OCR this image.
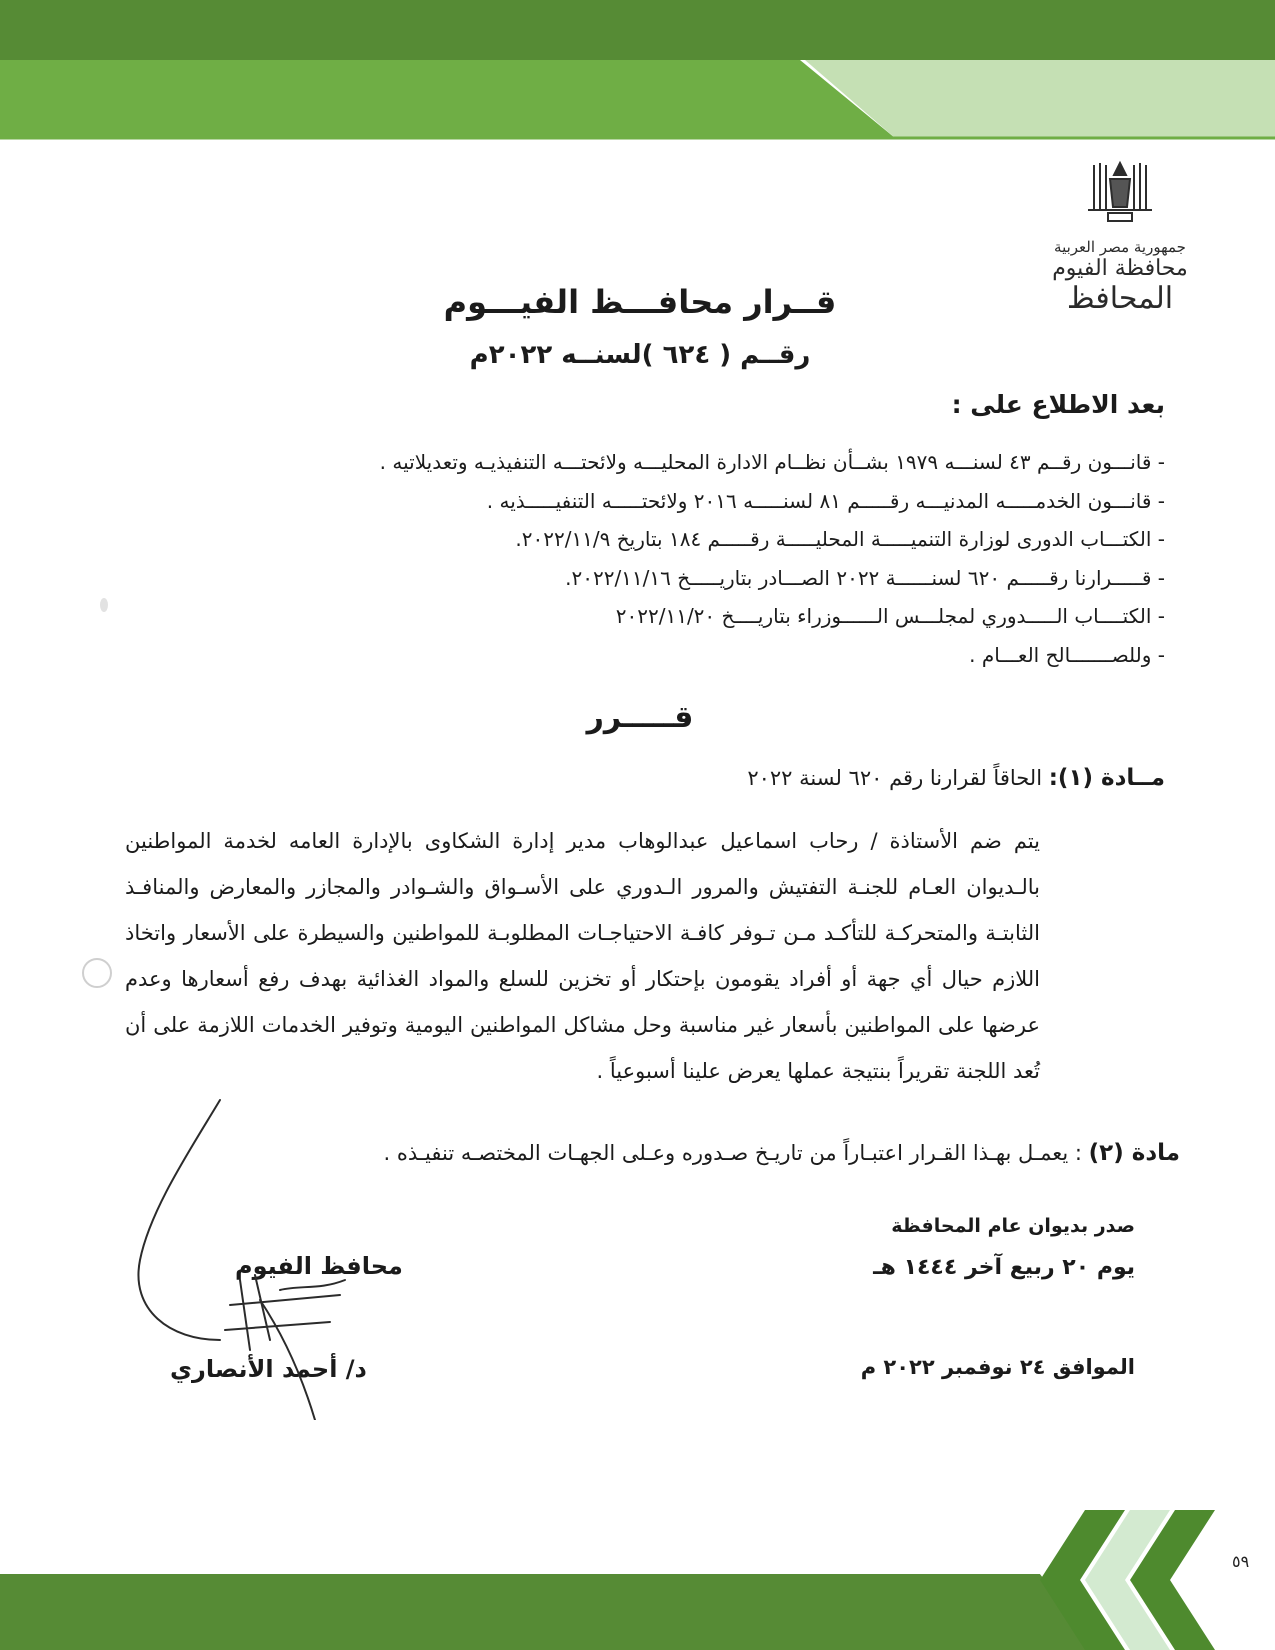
جمهورية مصر العربية
محافظة الفيوم
المحافظ
قــرار محافـــظ الفيـــوم
رقــم ( ٦٢٤ )لسنــه ٢٠٢٢م
بعد الاطلاع على :
- قانـــون رقــم ٤٣ لسنـــه ١٩٧٩ بشــأن نظــام الادارة المحليـــه ولائحتـــه التنفيذيـه وتعديلاتيه .
- قانـــون الخدمـــــه المدنيـــه رقـــــم ٨١ لسنـــــه ٢٠١٦ ولائحتـــــه التنفيـــــذيه .
- الكتـــاب الدورى لوزارة التنميـــــة المحليـــــة رقـــــم ١٨٤ بتاريخ ٢٠٢٢/١١/٩.
- قـــــرارنا رقـــــم ٦٢٠ لسنــــــة ٢٠٢٢ الصـــادر بتاريـــــخ ٢٠٢٢/١١/١٦.
- الكتــــاب الـــــدوري لمجلـــس الــــــوزراء بتاريــــخ ٢٠٢٢/١١/٢٠
- وللصـــــــالح العـــام .
قـــــرر
مــادة (١): الحاقاً لقرارنا رقم ٦٢٠ لسنة ٢٠٢٢
يتم ضم الأستاذة / رحاب اسماعيل عبدالوهاب مدير إدارة الشكاوى بالإدارة العامه لخدمة المواطنين بالـديوان العـام للجنـة التفتيش والمرور الـدوري على الأسـواق والشـوادر والمجازر والمعارض والمنافـذ الثابتـة والمتحركـة للتأكـد مـن تـوفر كافـة الاحتياجـات المطلوبـة للمواطنين والسيطرة على الأسعار واتخاذ اللازم حيال أي جهة أو أفراد يقومون بإحتكار أو تخزين للسلع والمواد الغذائية بهدف رفع أسعارها وعدم عرضها على المواطنين بأسعار غير مناسبة وحل مشاكل المواطنين اليومية وتوفير الخدمات اللازمة على أن تُعد اللجنة تقريراً بنتيجة عملها يعرض علينا أسبوعياً .
مادة (٢) : يعمـل بهـذا القـرار اعتبـاراً من تاريـخ صـدوره وعـلى الجهـات المختصـه تنفيـذه .
صدر بديوان عام المحافظة
يوم ٢٠ ربيع آخر ١٤٤٤ هـ
الموافق ٢٤ نوفمبر ٢٠٢٢ م
محافظ الفيوم
د/ أحمد الأنصاري
٥٩
